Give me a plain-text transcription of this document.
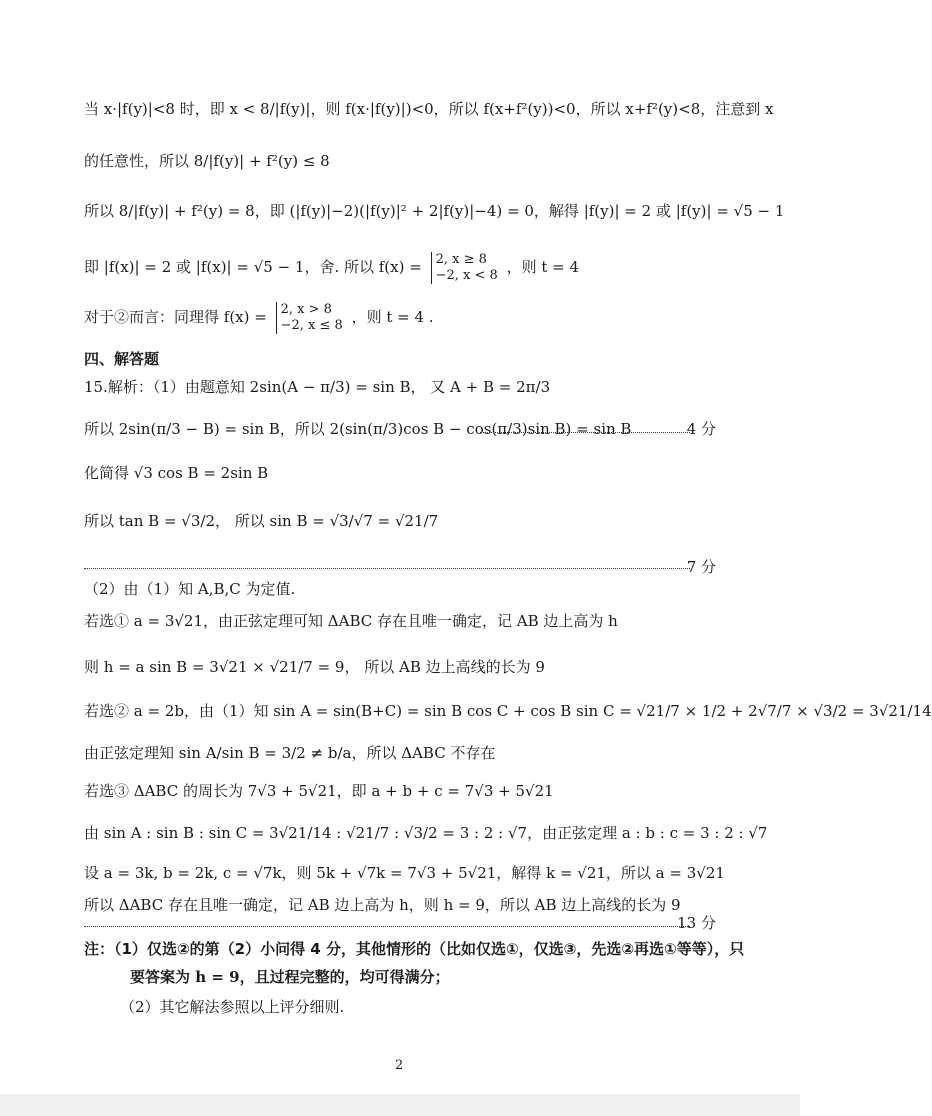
当 x·|f(y)|<8 时，即 x < 8/|f(y)|，则 f(x·|f(y)|)<0，所以 f(x+f²(y))<0，所以 x+f²(y)<8，注意到 x
的任意性，所以 8/|f(y)| + f²(y) ≤ 8
所以 8/|f(y)| + f²(y) = 8，即 (|f(y)|−2)(|f(y)|² + 2|f(y)|−4) = 0，解得 |f(y)| = 2 或 |f(y)| = √5 − 1
即 |f(x)| = 2 或 |f(x)| = √5 − 1，舍. 所以 f(x) = 2, x ≥ 8
−2, x < 8 ，则 t = 4
对于②而言：同理得 f(x) = 2, x > 8
−2, x ≤ 8 ，则 t = 4 .
四、解答题
15.解析：（1）由题意知 2sin(A − π/3) = sin B， 又 A + B = 2π/3
所以 2sin(π/3 − B) = sin B，所以 2(sin(π/3)cos B − cos(π/3)sin B) = sin B	4 分
化简得 √3 cos B = 2sin B
所以 tan B = √3/2， 所以 sin B = √3/√7 = √21/7
7 分
（2）由（1）知 A,B,C 为定值.
若选① a = 3√21，由正弦定理可知 ΔABC 存在且唯一确定，记 AB 边上高为 h
则 h = a sin B = 3√21 × √21/7 = 9， 所以 AB 边上高线的长为 9
若选② a = 2b，由（1）知 sin A = sin(B+C) = sin B cos C + cos B sin C = √21/7 × 1/2 + 2√7/7 × √3/2 = 3√21/14
由正弦定理知 sin A/sin B = 3/2 ≠ b/a，所以 ΔABC 不存在
若选③ ΔABC 的周长为 7√3 + 5√21，即 a + b + c = 7√3 + 5√21
由 sin A : sin B : sin C = 3√21/14 : √21/7 : √3/2 = 3 : 2 : √7，由正弦定理 a : b : c = 3 : 2 : √7
设 a = 3k, b = 2k, c = √7k，则 5k + √7k = 7√3 + 5√21，解得 k = √21，所以 a = 3√21
所以 ΔABC 存在且唯一确定，记 AB 边上高为 h，则 h = 9，所以 AB 边上高线的长为 9
13 分
注：（1）仅选②的第（2）小问得 4 分，其他情形的（比如仅选①，仅选③，先选②再选①等等），只
要答案为 h = 9，且过程完整的，均可得满分；
（2）其它解法参照以上评分细则.
2
